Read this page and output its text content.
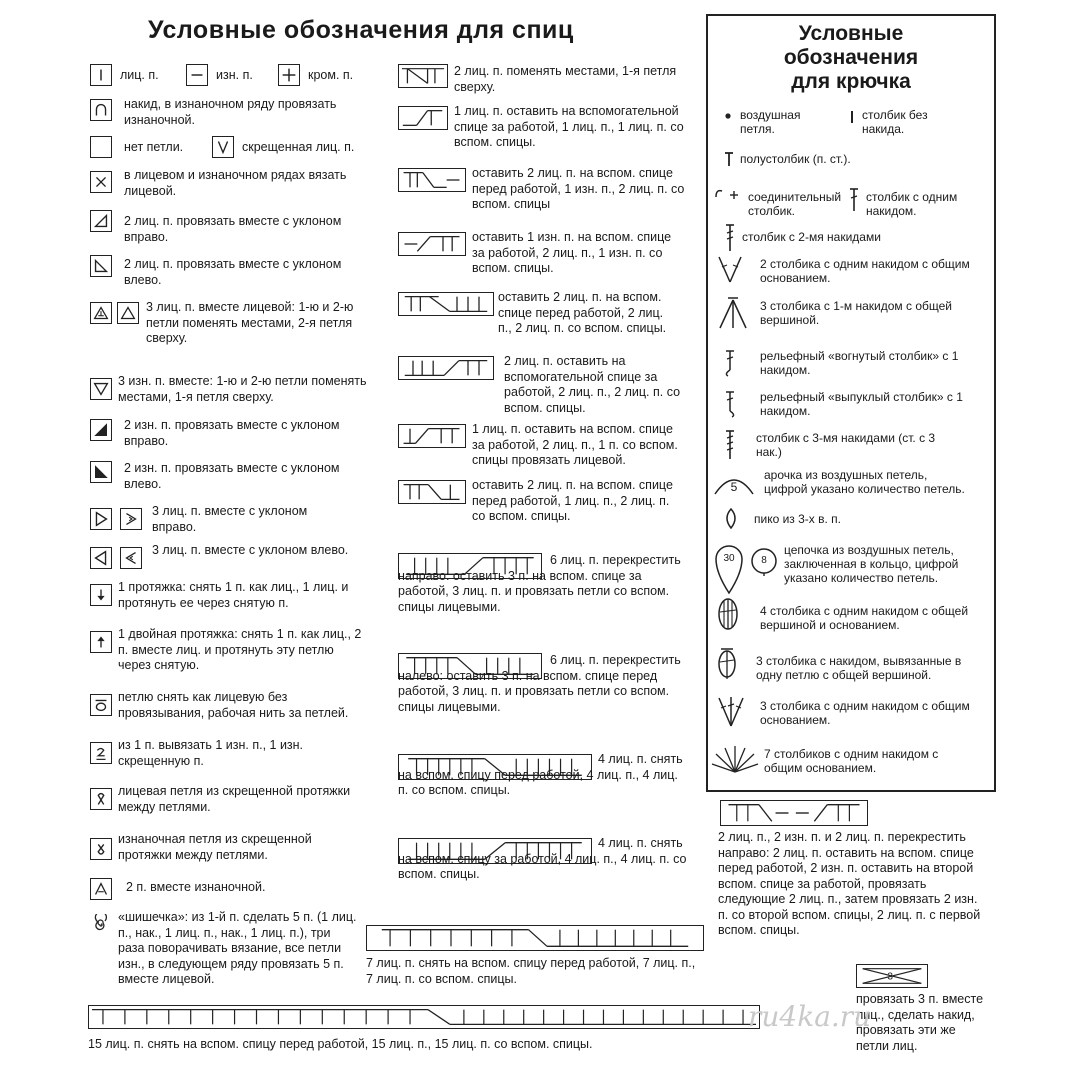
Условные обозначения для спиц
лиц. п.	изн. п.	кром. п.
накид, в изнаночном ряду провязать изнаночной.
нет петли.	скрещенная лиц. п.
в лицевом и изнаночном рядах вязать лицевой.
2 лиц. п. провязать вместе с уклоном вправо.
2 лиц. п. провязать вместе с уклоном влево.
3 лиц. п. вместе лицевой: 1-ю и 2-ю петли поменять местами, 2-я петля сверху.
3 изн. п. вместе: 1-ю и 2-ю петли поменять местами, 1-я петля сверху.
2 изн. п. провязать вместе с уклоном вправо.
2 изн. п. провязать вместе с уклоном влево.
3 лиц. п. вместе с уклоном вправо.
3 лиц. п. вместе с уклоном влево.
1 протяжка: снять 1 п. как лиц., 1 лиц. и протянуть ее через снятую п.
1 двойная протяжка: снять 1 п. как лиц., 2 п. вместе лиц. и протянуть эту петлю через снятую.
петлю снять как лицевую без провязывания, рабочая нить за петлей.
из 1 п. вывязать 1 изн. п., 1 изн. скрещенную п.
лицевая петля из скрещенной протяжки между петлями.
изнаночная петля из скрещенной протяжки между петлями.
2 п. вместе изнаночной.
«шишечка»: из 1-й п. сделать 5 п. (1 лиц. п., нак., 1 лиц. п., нак., 1 лиц. п.), три раза поворачивать вязание, все петли изн., в следующем ряду провязать 5 п. вместе лицевой.
2 лиц. п. поменять местами, 1-я петля сверху.
1 лиц. п. оставить на вспомогательной спице за работой, 1 лиц. п., 1 лиц. п. со вспом. спицы.
оставить 2 лиц. п. на вспом. спице перед работой, 1 изн. п., 2 лиц. п. со вспом. спицы
оставить 1 изн. п. на вспом. спице за работой, 2 лиц. п., 1 изн. п. со вспом. спицы.
оставить 2 лиц. п. на вспом. спице перед работой, 2 лиц. п., 2 лиц. п. со вспом. спицы.
2 лиц. п. оставить на вспомогательной спице за работой, 2 лиц. п., 2 лиц. п. со вспом. спицы.
1 лиц. п. оставить на вспом. спице за работой, 2 лиц. п., 1 п. со вспом. спицы провязать лицевой.
оставить 2 лиц. п. на вспом. спице перед работой, 1 лиц. п., 2 лиц. п. со вспом. спицы.
6 лиц. п. перекрестить направо: оставить 3 п. на вспом. спице за работой, 3 лиц. п. и провязать петли со вспом. спицы лицевыми.
6 лиц. п. перекрестить налево: оставить 3 п. на вспом. спице перед работой, 3 лиц. п. и провязать петли со вспом. спицы лицевыми.
4 лиц. п. снять на вспом. спицу перед работой, 4 лиц. п., 4 лиц. п. со вспом. спицы.
4 лиц. п. снять на вспом. спицу за работой, 4 лиц. п., 4 лиц. п. со вспом. спицы.
7 лиц. п. снять на вспом. спицу перед работой, 7 лиц. п., 7 лиц. п. со вспом. спицы.
15 лиц. п. снять на вспом. спицу перед работой, 15 лиц. п., 15 лиц. п. со вспом. спицы.
Условные
обозначения
для крючка
воздушная петля.
столбик без накида.
полустолбик (п. ст.).
соединительный столбик.
столбик с одним накидом.
столбик с 2-мя накидами
2 столбика с одним накидом с общим основанием.
3 столбика с 1-м накидом с общей вершиной.
рельефный «вогнутый столбик» с 1 накидом.
рельефный «выпуклый столбик» с 1 накидом.
столбик с 3-мя накидами (ст. с 3 нак.)
5
арочка из воздушных петель, цифрой указано количество петель.
пико из 3-х в. п.
30	8
цепочка из воздушных петель, заключенная в кольцо, цифрой указано количество петель.
4 столбика с одним накидом с общей вершиной и основанием.
3 столбика с накидом, вывязанные в одну петлю с общей вершиной.
3 столбика с одним накидом с общим основанием.
7 столбиков с одним накидом с общим основанием.
2 лиц. п., 2 изн. п. и 2 лиц. п. перекрестить направо: 2 лиц. п. оставить на вспом. спице перед работой, 2 изн. п. оставить на второй вспом. спице за работой, провязать следующие 2 лиц. п., затем провязать 2 изн. п. со второй вспом. спицы, 2 лиц. п. с первой вспом. спицы.
3
провязать 3 п. вместе лиц., сделать накид, провязать эти же петли лиц.
ru4ka.ru
